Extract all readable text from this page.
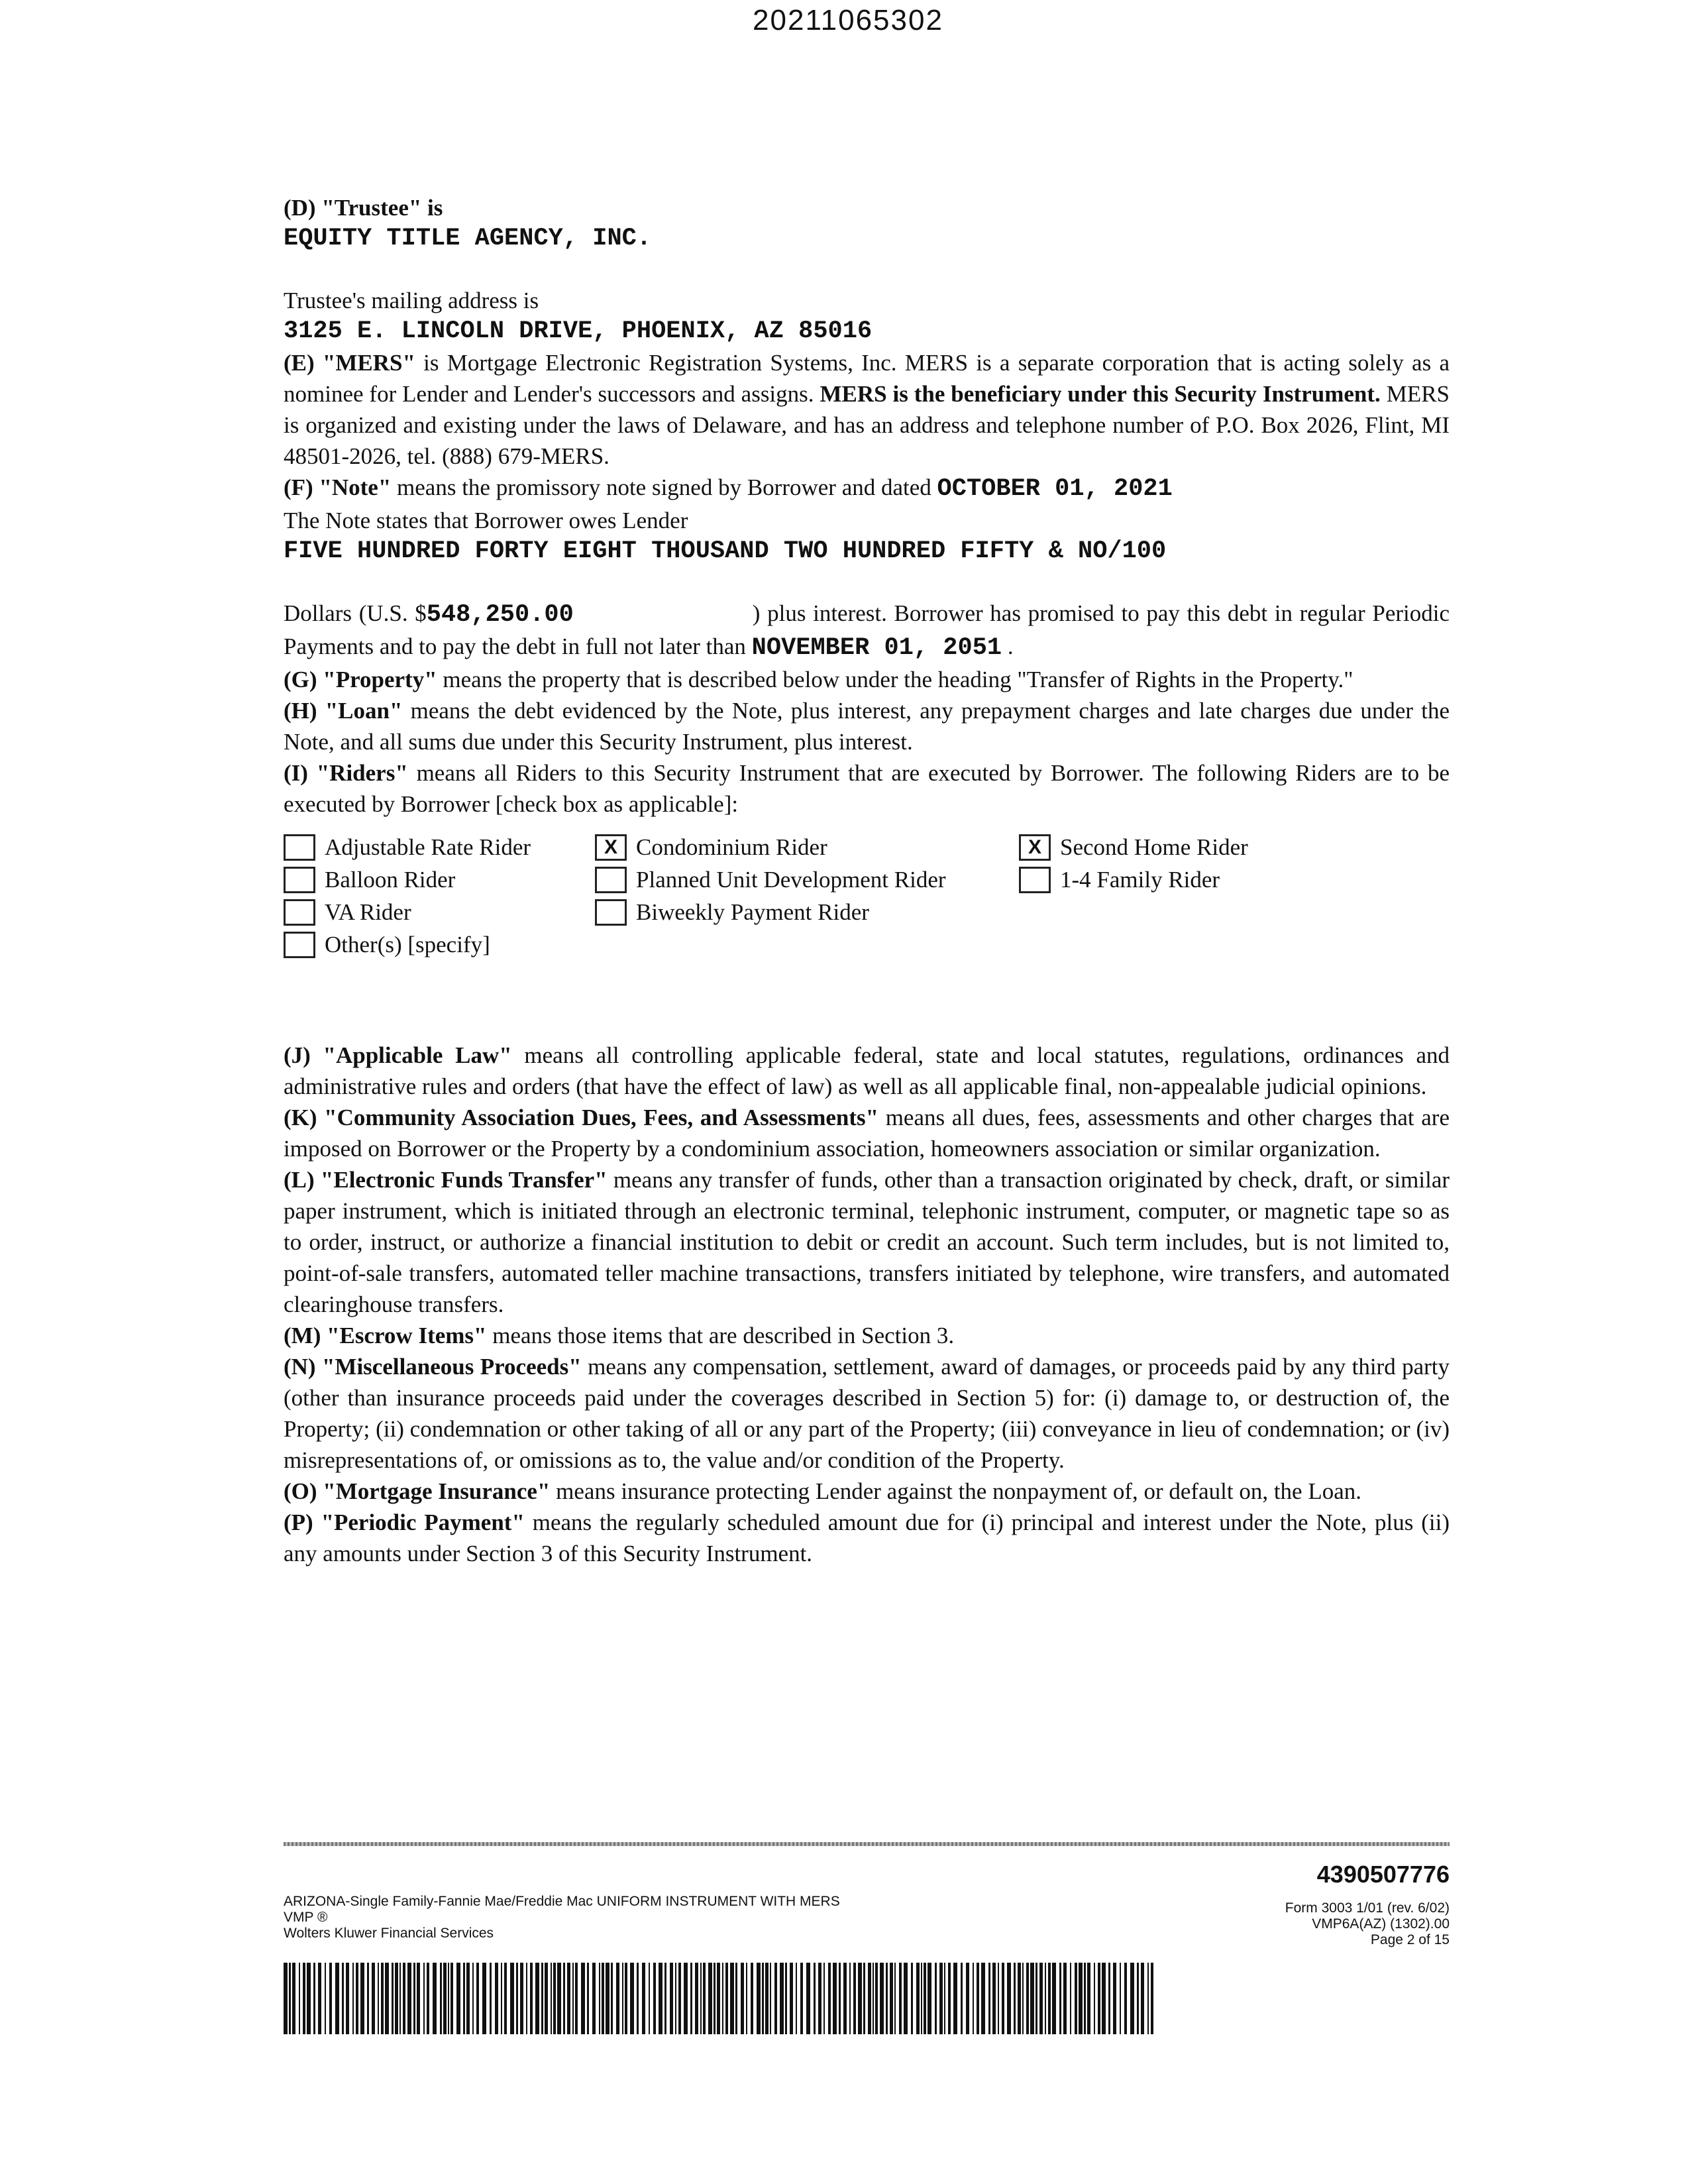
20211065302

(D) "Trustee" is

EQUITY TITLE AGENCY, INC.

Trustee's mailing address is

3125 E. LINCOLN DRIVE, PHOENIX, AZ 85016

(E) "MERS" is Mortgage Electronic Registration Systems, Inc. MERS is a separate corporation that is acting solely as a nominee for Lender and Lender's successors and assigns. MERS is the beneficiary under this Security Instrument. MERS is organized and existing under the laws of Delaware, and has an address and telephone number of P.O. Box 2026, Flint, MI 48501-2026, tel. (888) 679-MERS.

(F) "Note" means the promissory note signed by Borrower and dated OCTOBER 01, 2021

The Note states that Borrower owes Lender

FIVE HUNDRED FORTY EIGHT THOUSAND TWO HUNDRED FIFTY & NO/100

Dollars (U.S. $548,250.00	) plus interest. Borrower has promised to pay this debt in regular Periodic Payments and to pay the debt in full not later than NOVEMBER 01, 2051 .

(G) "Property" means the property that is described below under the heading "Transfer of Rights in the Property."

(H) "Loan" means the debt evidenced by the Note, plus interest, any prepayment charges and late charges due under the Note, and all sums due under this Security Instrument, plus interest.

(I) "Riders" means all Riders to this Security Instrument that are executed by Borrower. The following Riders are to be executed by Borrower [check box as applicable]:

Adjustable Rate Rider	X Condominium Rider	X Second Home Rider
Balloon Rider	Planned Unit Development Rider	1-4 Family Rider
VA Rider	Biweekly Payment Rider
Other(s) [specify]

(J) "Applicable Law" means all controlling applicable federal, state and local statutes, regulations, ordinances and administrative rules and orders (that have the effect of law) as well as all applicable final, non-appealable judicial opinions.

(K) "Community Association Dues, Fees, and Assessments" means all dues, fees, assessments and other charges that are imposed on Borrower or the Property by a condominium association, homeowners association or similar organization.

(L) "Electronic Funds Transfer" means any transfer of funds, other than a transaction originated by check, draft, or similar paper instrument, which is initiated through an electronic terminal, telephonic instrument, computer, or magnetic tape so as to order, instruct, or authorize a financial institution to debit or credit an account. Such term includes, but is not limited to, point-of-sale transfers, automated teller machine transactions, transfers initiated by telephone, wire transfers, and automated clearinghouse transfers.

(M) "Escrow Items" means those items that are described in Section 3.

(N) "Miscellaneous Proceeds" means any compensation, settlement, award of damages, or proceeds paid by any third party (other than insurance proceeds paid under the coverages described in Section 5) for: (i) damage to, or destruction of, the Property; (ii) condemnation or other taking of all or any part of the Property; (iii) conveyance in lieu of condemnation; or (iv) misrepresentations of, or omissions as to, the value and/or condition of the Property.

(O) "Mortgage Insurance" means insurance protecting Lender against the nonpayment of, or default on, the Loan.

(P) "Periodic Payment" means the regularly scheduled amount due for (i) principal and interest under the Note, plus (ii) any amounts under Section 3 of this Security Instrument.

4390507776
ARIZONA-Single Family-Fannie Mae/Freddie Mac UNIFORM INSTRUMENT WITH MERS
VMP ®
Wolters Kluwer Financial Services
Form 3003 1/01 (rev. 6/02)
VMP6A(AZ) (1302).00
Page 2 of 15
